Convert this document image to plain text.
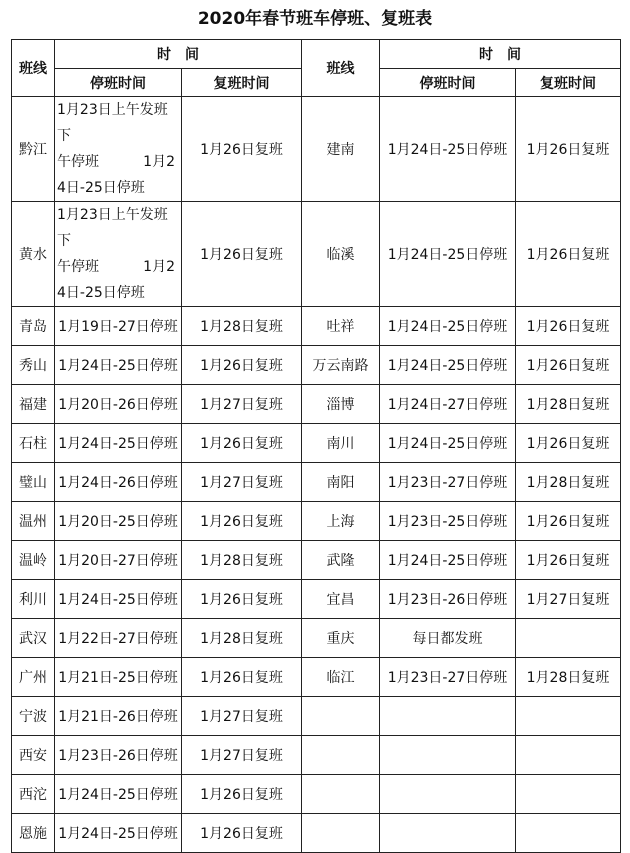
2020年春节班车停班、复班表
班线	时　间		班线	时　间	
	停班时间	复班时间		停班时间	复班时间
黔江	1月23日上午发班下
午停班 1月2
4日-25日停班	1月26日复班	建南	1月24日-25日停班	1月26日复班
黄水	1月23日上午发班下
午停班 1月2
4日-25日停班	1月26日复班	临溪	1月24日-25日停班	1月26日复班
青岛	1月19日-27日停班	1月28日复班	吐祥	1月24日-25日停班	1月26日复班
秀山	1月24日-25日停班	1月26日复班	万云南路	1月24日-25日停班	1月26日复班
福建	1月20日-26日停班	1月27日复班	淄博	1月24日-27日停班	1月28日复班
石柱	1月24日-25日停班	1月26日复班	南川	1月24日-25日停班	1月26日复班
璧山	1月24日-26日停班	1月27日复班	南阳	1月23日-27日停班	1月28日复班
温州	1月20日-25日停班	1月26日复班	上海	1月23日-25日停班	1月26日复班
温岭	1月20日-27日停班	1月28日复班	武隆	1月24日-25日停班	1月26日复班
利川	1月24日-25日停班	1月26日复班	宜昌	1月23日-26日停班	1月27日复班
武汉	1月22日-27日停班	1月28日复班	重庆	每日都发班	
广州	1月21日-25日停班	1月26日复班	临江	1月23日-27日停班	1月28日复班
宁波	1月21日-26日停班	1月27日复班			
西安	1月23日-26日停班	1月27日复班			
西沱	1月24日-25日停班	1月26日复班			
恩施	1月24日-25日停班	1月26日复班			
